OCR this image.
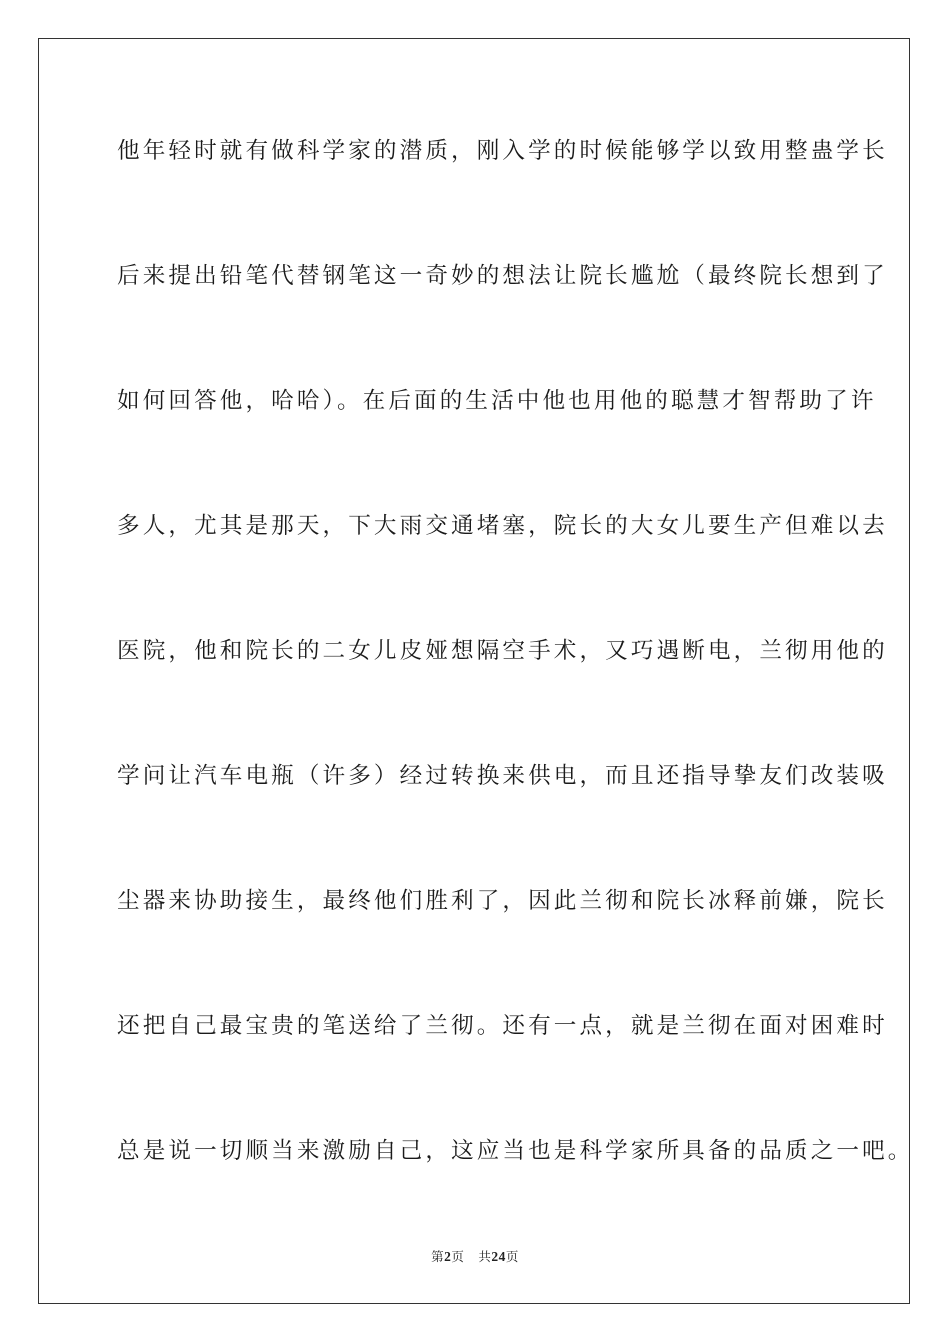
他年轻时就有做科学家的潜质，刚入学的时候能够学以致用整蛊学长
后来提出铅笔代替钢笔这一奇妙的想法让院长尴尬（最终院长想到了
如何回答他，哈哈）。在后面的生活中他也用他的聪慧才智帮助了许
多人，尤其是那天，下大雨交通堵塞，院长的大女儿要生产但难以去
医院，他和院长的二女儿皮娅想隔空手术，又巧遇断电，兰彻用他的
学问让汽车电瓶（许多）经过转换来供电，而且还指导挚友们改装吸
尘器来协助接生，最终他们胜利了，因此兰彻和院长冰释前嫌，院长
还把自己最宝贵的笔送给了兰彻。还有一点，就是兰彻在面对困难时
总是说一切顺当来激励自己，这应当也是科学家所具备的品质之一吧。
第2页 共24页
